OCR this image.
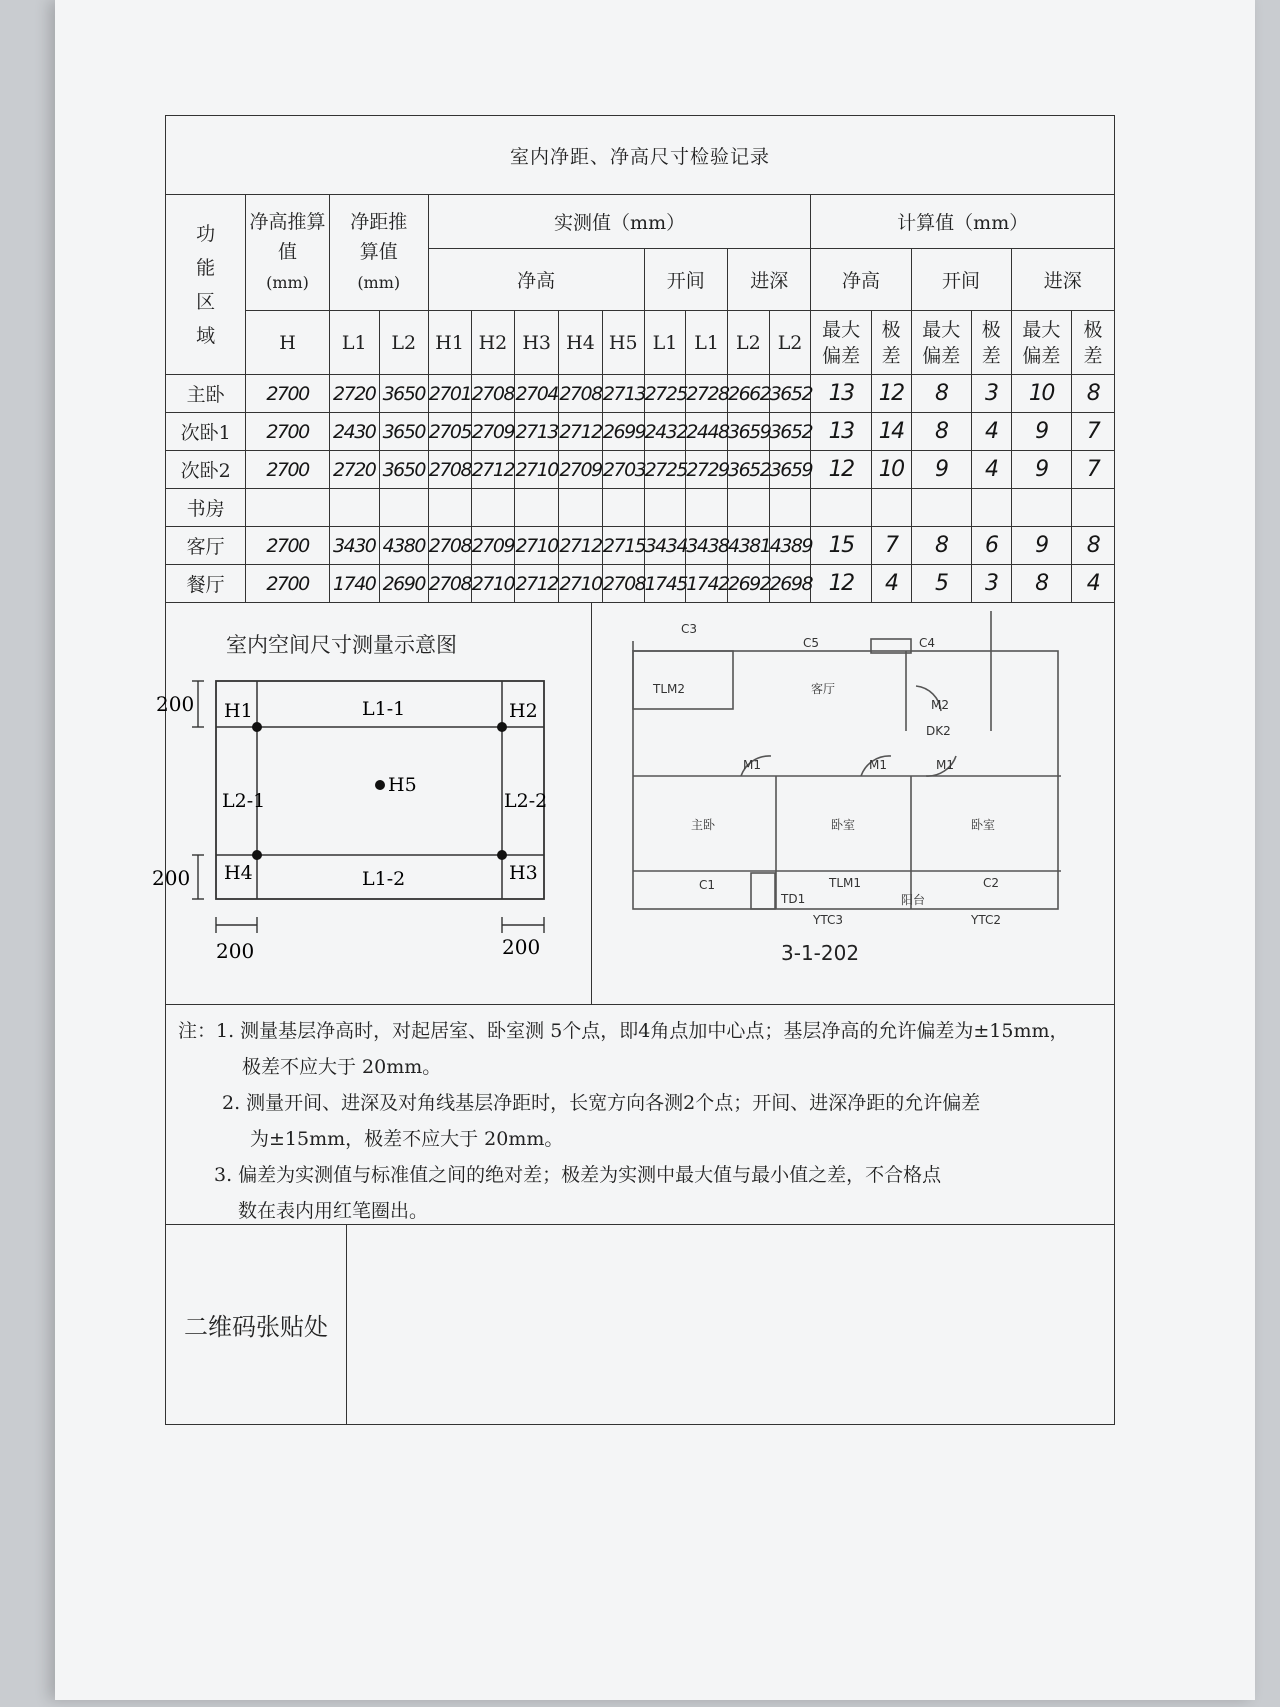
室内净距、净高尺寸检验记录																		
功能区域	净高推算值
(mm)	净距推算值
(mm)		实测值（mm）									计算值（mm）					
				净高					开间		进深		净高		开间		进深	
	H	L1	L2	H1	H2	H3	H4	H5	L1	L1	L2	L2	最大偏差	极差	最大偏差	极差	最大偏差	极差
主卧	2700	2720	3650	2701	2708	2704	2708	2713	2725	2728	2662	3652	13	12	8	3	10	8
次卧1	2700	2430	3650	2705	2709	2713	2712	2699	2432	2448	3659	3652	13	14	8	4	9	7
次卧2	2700	2720	3650	2708	2712	2710	2709	2703	2725	2729	3652	3659	12	10	9	4	9	7
书房																		
客厅	2700	3430	4380	2708	2709	2710	2712	2715	3434	3438	4381	4389	15	7	8	6	9	8
餐厅	2700	1740	2690	2708	2710	2712	2710	2708	1745	1742	2692	2698	12	4	5	3	8	4
室内空间尺寸测量示意图
200
200
200	200
H1	H2
H3
H4
H5
L1-1
L1-2
L2-1	L2-2
C3
C5	C4
TLM2	客厅
M2
DK2
M1	M1	M1
主卧	卧室	卧室
C1	TLM1
阳台
C2
YTC3	YTC2
TD1
3-1-202

注：1. 测量基层净高时，对起居室、卧室测 5个点，即4角点加中心点；基层净高的允许偏差为±15mm，

极差不应大于 20mm。

2. 测量开间、进深及对角线基层净距时，长宽方向各测2个点；开间、进深净距的允许偏差

为±15mm，极差不应大于 20mm。

3. 偏差为实测值与标准值之间的绝对差；极差为实测中最大值与最小值之差，不合格点

数在表内用红笔圈出。

二维码张贴处
